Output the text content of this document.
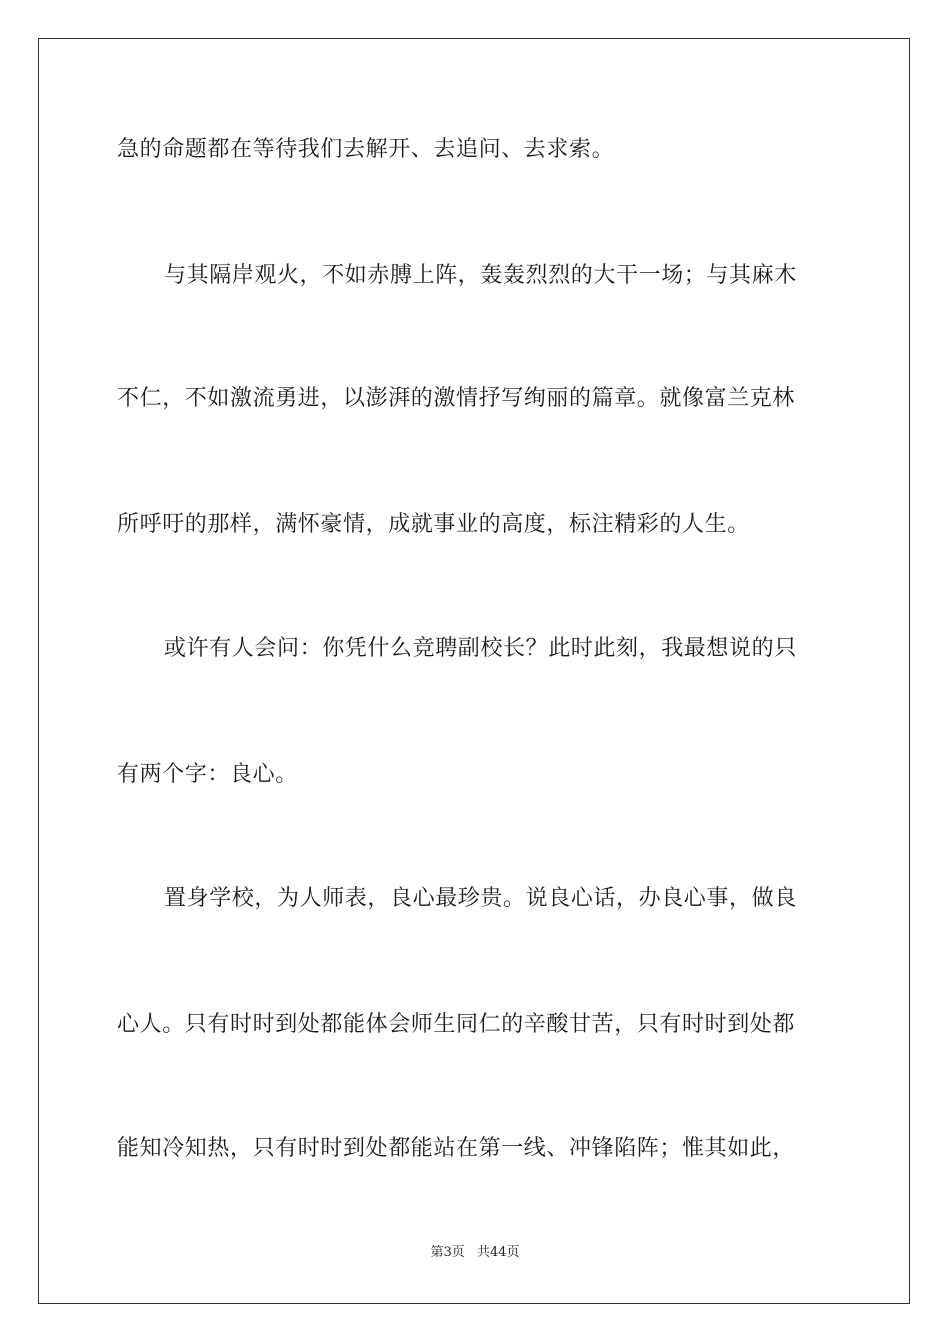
急的命题都在等待我们去解开、去追问、去求索。
与其隔岸观火，不如赤膊上阵，轰轰烈烈的大干一场；与其麻木
不仁，不如激流勇进，以澎湃的激情抒写绚丽的篇章。就像富兰克林
所呼吁的那样，满怀豪情，成就事业的高度，标注精彩的人生。
或许有人会问：你凭什么竞聘副校长？此时此刻，我最想说的只
有两个字：良心。
置身学校，为人师表，良心最珍贵。说良心话，办良心事，做良
心人。只有时时到处都能体会师生同仁的辛酸甘苦，只有时时到处都
能知冷知热，只有时时到处都能站在第一线、冲锋陷阵；惟其如此，
第3页 共44页
